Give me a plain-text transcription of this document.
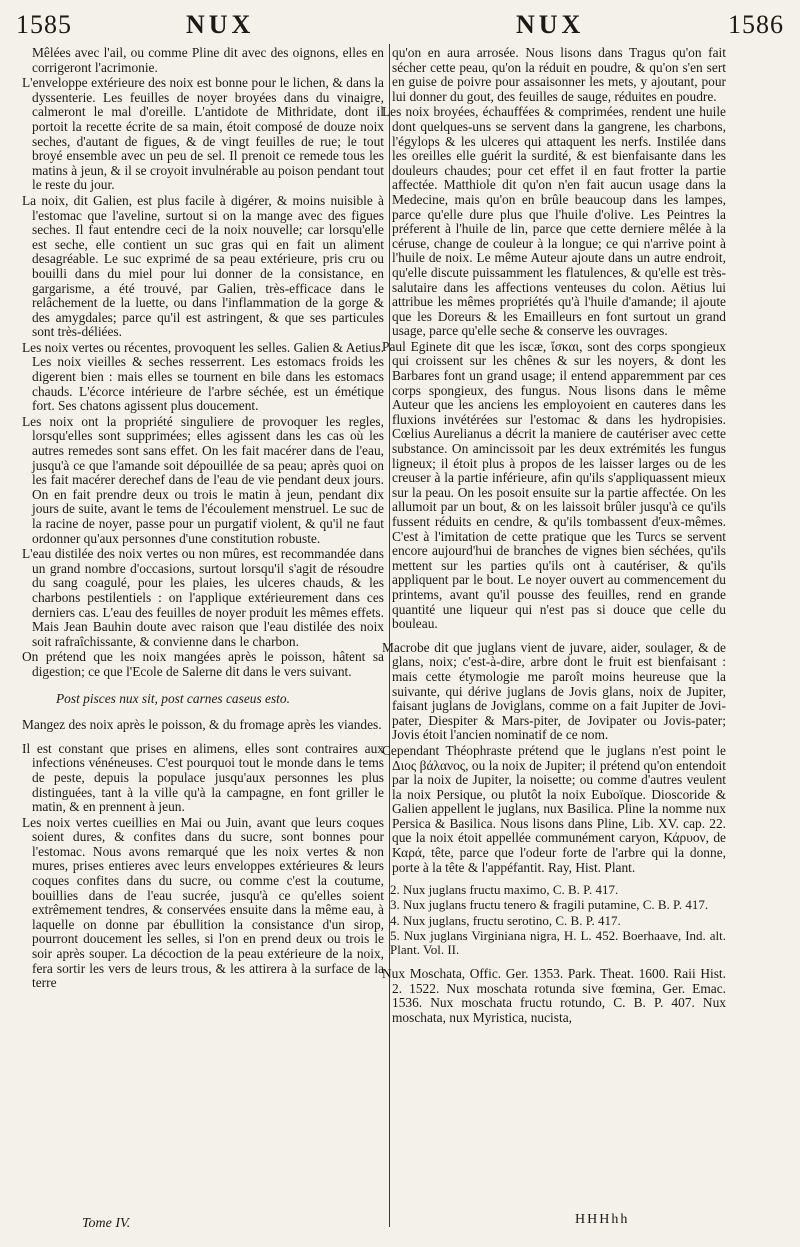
1585	NUX	NUX	1586

Mêlées avec l'ail, ou comme Pline dit avec des oignons, elles en corrigeront l'acrimonie.

L'enveloppe extérieure des noix est bonne pour le lichen, & dans la dyssenterie. Les feuilles de noyer broyées dans du vinaigre, calmeront le mal d'oreille. L'antidote de Mithridate, dont il portoit la recette écrite de sa main, étoit composé de douze noix seches, d'autant de figues, & de vingt feuilles de rue; le tout broyé ensemble avec un peu de sel. Il prenoit ce remede tous les matins à jeun, & il se croyoit invulnérable au poison pendant tout le reste du jour.

La noix, dit Galien, est plus facile à digérer, & moins nuisible à l'estomac que l'aveline, surtout si on la mange avec des figues seches. Il faut entendre ceci de la noix nouvelle; car lorsqu'elle est seche, elle contient un suc gras qui en fait un aliment desagréable. Le suc exprimé de sa peau extérieure, pris cru ou bouilli dans du miel pour lui donner de la consistance, en gargarisme, a été trouvé, par Galien, très-efficace dans le relâchement de la luette, ou dans l'inflammation de la gorge & des amygdales; parce qu'il est astringent, & que ses particules sont très-déliées.

Les noix vertes ou récentes, provoquent les selles. Galien & Aetius. Les noix vieilles & seches resserrent. Les estomacs froids les digerent bien : mais elles se tournent en bile dans les estomacs chauds. L'écorce intérieure de l'arbre séchée, est un émétique fort. Ses chatons agissent plus doucement.

Les noix ont la propriété singuliere de provoquer les regles, lorsqu'elles sont supprimées; elles agissent dans les cas où les autres remedes sont sans effet. On les fait macérer dans de l'eau, jusqu'à ce que l'amande soit dépouillée de sa peau; après quoi on les fait macérer derechef dans de l'eau de vie pendant deux jours. On en fait prendre deux ou trois le matin à jeun, pendant dix jours de suite, avant le tems de l'écoulement menstruel. Le suc de la racine de noyer, passe pour un purgatif violent, & qu'il ne faut ordonner qu'aux personnes d'une constitution robuste.

L'eau distilée des noix vertes ou non mûres, est recommandée dans un grand nombre d'occasions, surtout lorsqu'il s'agit de résoudre du sang coagulé, pour les plaies, les ulceres chauds, & les charbons pestilentiels : on l'applique extérieurement dans ces derniers cas. L'eau des feuilles de noyer produit les mêmes effets. Mais Jean Bauhin doute avec raison que l'eau distilée des noix soit rafraîchissante, & convienne dans le charbon.

On prétend que les noix mangées après le poisson, hâtent sa digestion; ce que l'Ecole de Salerne dit dans le vers suivant.

Post pisces nux sit, post carnes caseus esto.

Mangez des noix après le poisson, & du fromage après les viandes.

Il est constant que prises en alimens, elles sont contraires aux infections vénéneuses. C'est pourquoi tout le monde dans le tems de peste, depuis la populace jusqu'aux personnes les plus distinguées, tant à la ville qu'à la campagne, en font griller le matin, & en prennent à jeun.

Les noix vertes cueillies en Mai ou Juin, avant que leurs coques soient dures, & confites dans du sucre, sont bonnes pour l'estomac. Nous avons remarqué que les noix vertes & non mures, prises entieres avec leurs enveloppes extérieures & leurs coques confites dans du sucre, ou comme c'est la coutume, bouillies dans de l'eau sucrée, jusqu'à ce qu'elles soient extrêmement tendres, & conservées ensuite dans la même eau, à laquelle on donne par ébullition la consistance d'un sirop, pourront doucement les selles, si l'on en prend deux ou trois le soir après souper. La décoction de la peau extérieure de la noix, fera sortir les vers de leurs trous, & les attirera à la surface de la terre

qu'on en aura arrosée. Nous lisons dans Tragus qu'on fait sécher cette peau, qu'on la réduit en poudre, & qu'on s'en sert en guise de poivre pour assaisonner les mets, y ajoutant, pour lui donner du gout, des feuilles de sauge, réduites en poudre.

Les noix broyées, échauffées & comprimées, rendent une huile dont quelques-uns se servent dans la gangrene, les charbons, l'égylops & les ulceres qui attaquent les nerfs. Instilée dans les oreilles elle guérit la surdité, & est bienfaisante dans les douleurs chaudes; pour cet effet il en faut frotter la partie affectée. Matthiole dit qu'on n'en fait aucun usage dans la Medecine, mais qu'on en brûle beaucoup dans les lampes, parce qu'elle dure plus que l'huile d'olive. Les Peintres la préferent à l'huile de lin, parce que cette derniere mêlée à la céruse, change de couleur à la longue; ce qui n'arrive point à l'huile de noix. Le même Auteur ajoute dans un autre endroit, qu'elle discute puissamment les flatulences, & qu'elle est très-salutaire dans les affections venteuses du colon. Aëtius lui attribue les mêmes propriétés qu'à l'huile d'amande; il ajoute que les Doreurs & les Emailleurs en font surtout un grand usage, parce qu'elle seche & conserve les ouvrages.

Paul Eginete dit que les iscæ, ἴσκαι, sont des corps spongieux qui croissent sur les chênes & sur les noyers, & dont les Barbares font un grand usage; il entend apparemment par ces corps spongieux, des fungus. Nous lisons dans le même Auteur que les anciens les employoient en cauteres dans les fluxions invétérées sur l'estomac & dans les hydropisies. Cœlius Aurelianus a décrit la maniere de cautériser avec cette substance. On amincissoit par les deux extrémités les fungus ligneux; il étoit plus à propos de les laisser larges ou de les creuser à la partie inférieure, afin qu'ils s'appliquassent mieux sur la peau. On les posoit ensuite sur la partie affectée. On les allumoit par un bout, & on les laissoit brûler jusqu'à ce qu'ils fussent réduits en cendre, & qu'ils tombassent d'eux-mêmes. C'est à l'imitation de cette pratique que les Turcs se servent encore aujourd'hui de branches de vignes bien séchées, qu'ils mettent sur les parties qu'ils ont à cautériser, & qu'ils appliquent par le bout. Le noyer ouvert au commencement du printems, avant qu'il pousse des feuilles, rend en grande quantité une liqueur qui n'est pas si douce que celle du bouleau.

Macrobe dit que juglans vient de juvare, aider, soulager, & de glans, noix; c'est-à-dire, arbre dont le fruit est bienfaisant : mais cette étymologie me paroît moins heureuse que la suivante, qui dérive juglans de Jovis glans, noix de Jupiter, faisant juglans de Joviglans, comme on a fait Jupiter de Jovi-pater, Diespiter & Mars-piter, de Jovipater ou Jovis-pater; Jovis étoit l'ancien nominatif de ce nom.

Cependant Théophraste prétend que le juglans n'est point le Διος βάλανος, ou la noix de Jupiter; il prétend qu'on entendoit par la noix de Jupiter, la noisette; ou comme d'autres veulent la noix Persique, ou plutôt la noix Euboïque. Dioscoride & Galien appellent le juglans, nux Basilica. Pline la nomme nux Persica & Basilica. Nous lisons dans Pline, Lib. XV. cap. 22. que la noix étoit appellée communément caryon, Κάρυον, de Καρά, tête, parce que l'odeur forte de l'arbre qui la donne, porte à la tête & l'appéfantit. Ray, Hist. Plant.

2. Nux juglans fructu maximo, C. B. P. 417.
3. Nux juglans fructu tenero & fragili putamine, C. B. P. 417.
4. Nux juglans, fructu serotino, C. B. P. 417.
5. Nux juglans Virginiana nigra, H. L. 452. Boerhaave, Ind. alt. Plant. Vol. II.

Nux Moschata, Offic. Ger. 1353. Park. Theat. 1600. Raii Hist. 2. 1522. Nux moschata rotunda sive fœmina, Ger. Emac. 1536. Nux moschata fructu rotundo, C. B. P. 407. Nux moschata, nux Myristica, nucista,

Tome IV.	HHHhh
